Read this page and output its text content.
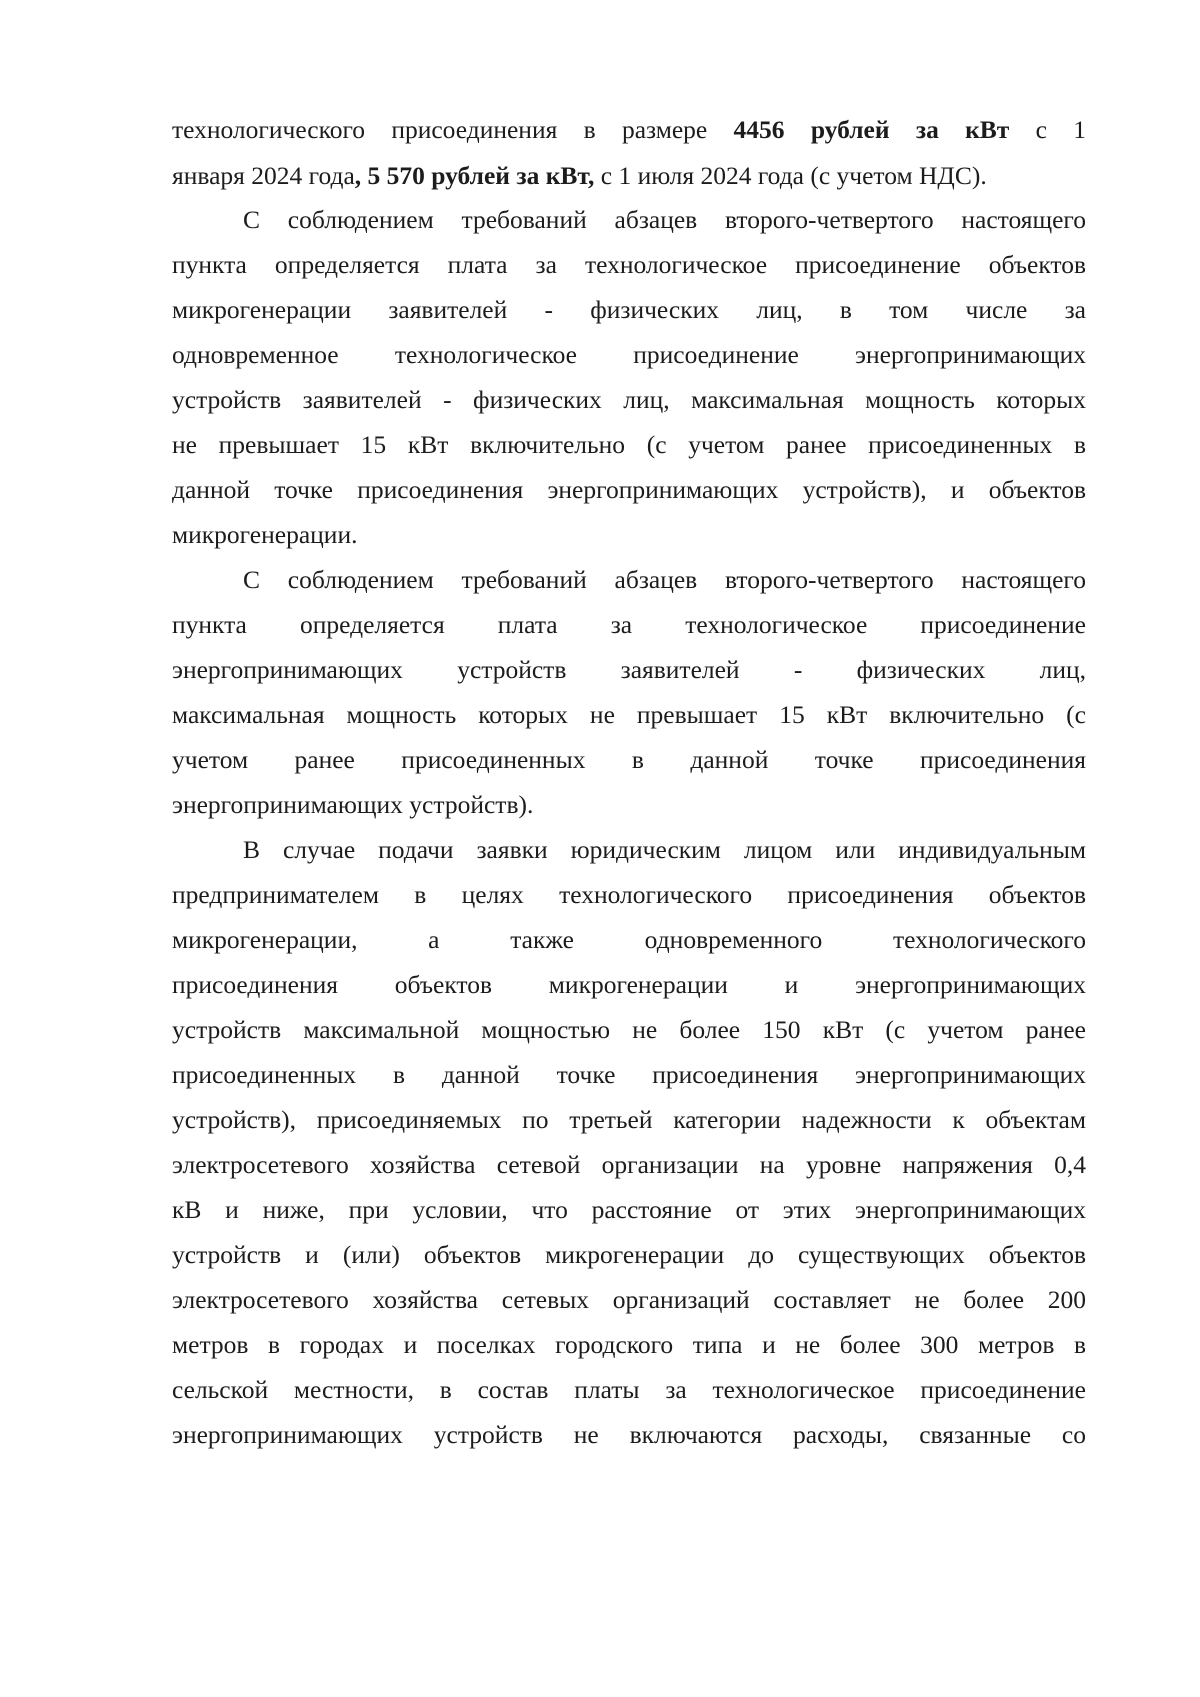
технологического присоединения в размере 4456 рублей за кВт с 1
января 2024 года, 5 570 рублей за кВт, с 1 июля 2024 года (с учетом НДС).
С соблюдением требований абзацев второго-четвертого настоящего
пункта определяется плата за технологическое присоединение объектов
микрогенерации заявителей - физических лиц, в том числе за
одновременное технологическое присоединение энергопринимающих
устройств заявителей - физических лиц, максимальная мощность которых
не превышает 15 кВт включительно (с учетом ранее присоединенных в
данной точке присоединения энергопринимающих устройств), и объектов
микрогенерации.
С соблюдением требований абзацев второго-четвертого настоящего
пункта определяется плата за технологическое присоединение
энергопринимающих устройств заявителей - физических лиц,
максимальная мощность которых не превышает 15 кВт включительно (с
учетом ранее присоединенных в данной точке присоединения
энергопринимающих устройств).
В случае подачи заявки юридическим лицом или индивидуальным
предпринимателем в целях технологического присоединения объектов
микрогенерации, а также одновременного технологического
присоединения объектов микрогенерации и энергопринимающих
устройств максимальной мощностью не более 150 кВт (с учетом ранее
присоединенных в данной точке присоединения энергопринимающих
устройств), присоединяемых по третьей категории надежности к объектам
электросетевого хозяйства сетевой организации на уровне напряжения 0,4
кВ и ниже, при условии, что расстояние от этих энергопринимающих
устройств и (или) объектов микрогенерации до существующих объектов
электросетевого хозяйства сетевых организаций составляет не более 200
метров в городах и поселках городского типа и не более 300 метров в
сельской местности, в состав платы за технологическое присоединение
энергопринимающих устройств не включаются расходы, связанные со
